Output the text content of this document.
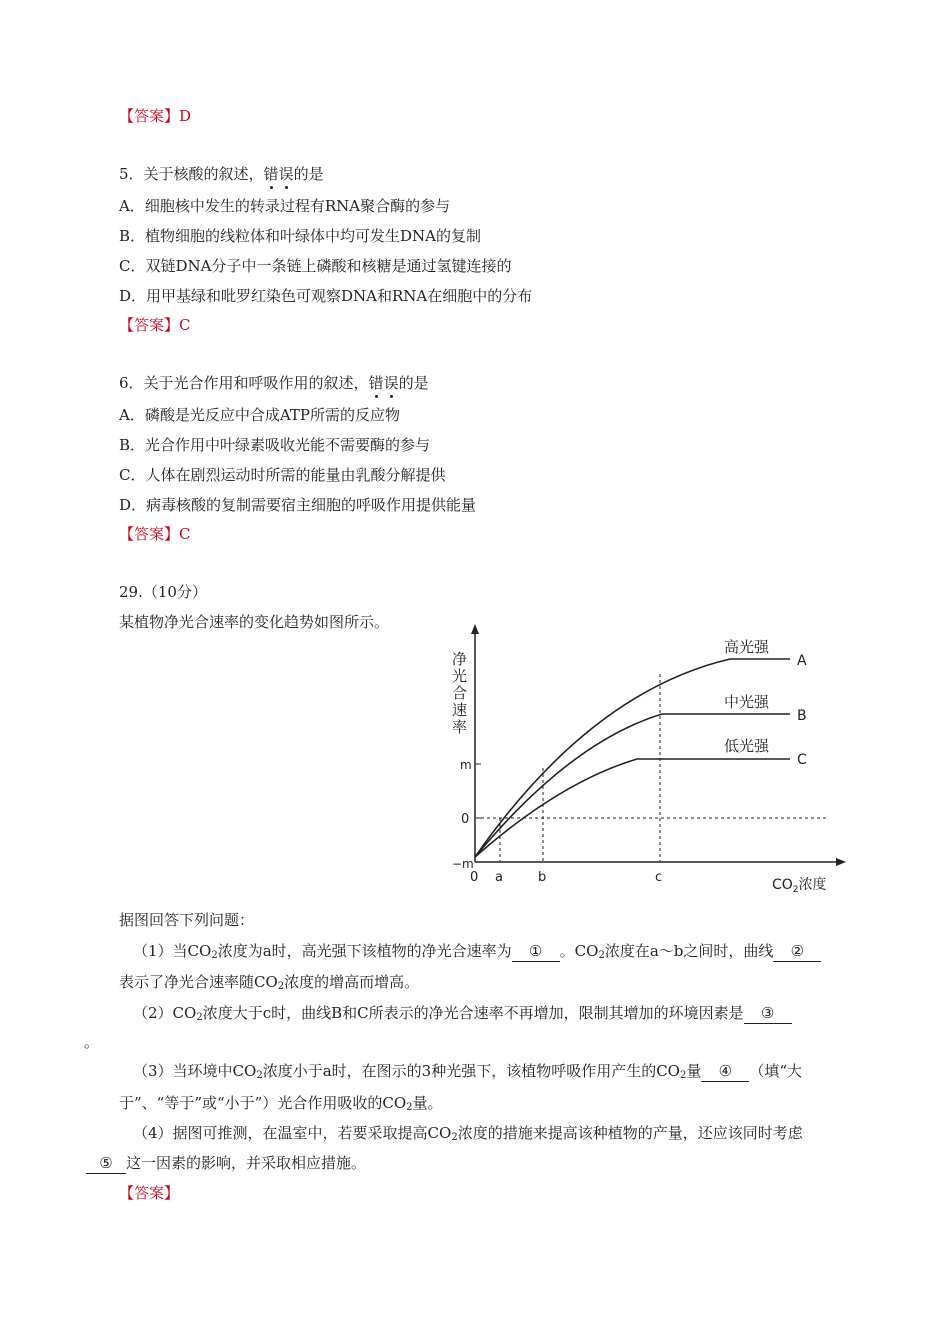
【答案】D
5．关于核酸的叙述，错误的是
A．细胞核中发生的转录过程有RNA聚合酶的参与
B．植物细胞的线粒体和叶绿体中均可发生DNA的复制
C．双链DNA分子中一条链上磷酸和核糖是通过氢键连接的
D．用甲基绿和吡罗红染色可观察DNA和RNA在细胞中的分布
【答案】C
6．关于光合作用和呼吸作用的叙述，错误的是
A．磷酸是光反应中合成ATP所需的反应物
B．光合作用中叶绿素吸收光能不需要酶的参与
C．人体在剧烈运动时所需的能量由乳酸分解提供
D．病毒核酸的复制需要宿主细胞的呼吸作用提供能量
【答案】C
29.（10分）
某植物净光合速率的变化趋势如图所示。
净
光
合
速
率
m
0
−m
0 a	b	c	$CO_2$浓度
高光强
A
中光强
B
低光强
C
据图回答下列问题：
（1）当$CO_2$浓度为a时，高光强下该植物的净光合速率为 ① 。$CO_2$浓度在a～b之间时，曲线 ②
表示了净光合速率随$CO_2$浓度的增高而增高。
$(2)CO_2$浓度大于c时，曲线B和C所表示的净光合速率不再增加，限制其增加的环境因素是 ③
。
（3）当环境中$CO_2$浓度小于a时，在图示的3种光强下，该植物呼吸作用产生的$CO_2$量 ④ （填“大
于”、“等于”或“小于”）光合作用吸收的$CO_2$量。
（4）据图可推测，在温室中，若要采取提高$CO_2$浓度的措施来提高该种植物的产量，还应该同时考虑
⑤ 这一因素的影响，并采取相应措施。
【答案】
